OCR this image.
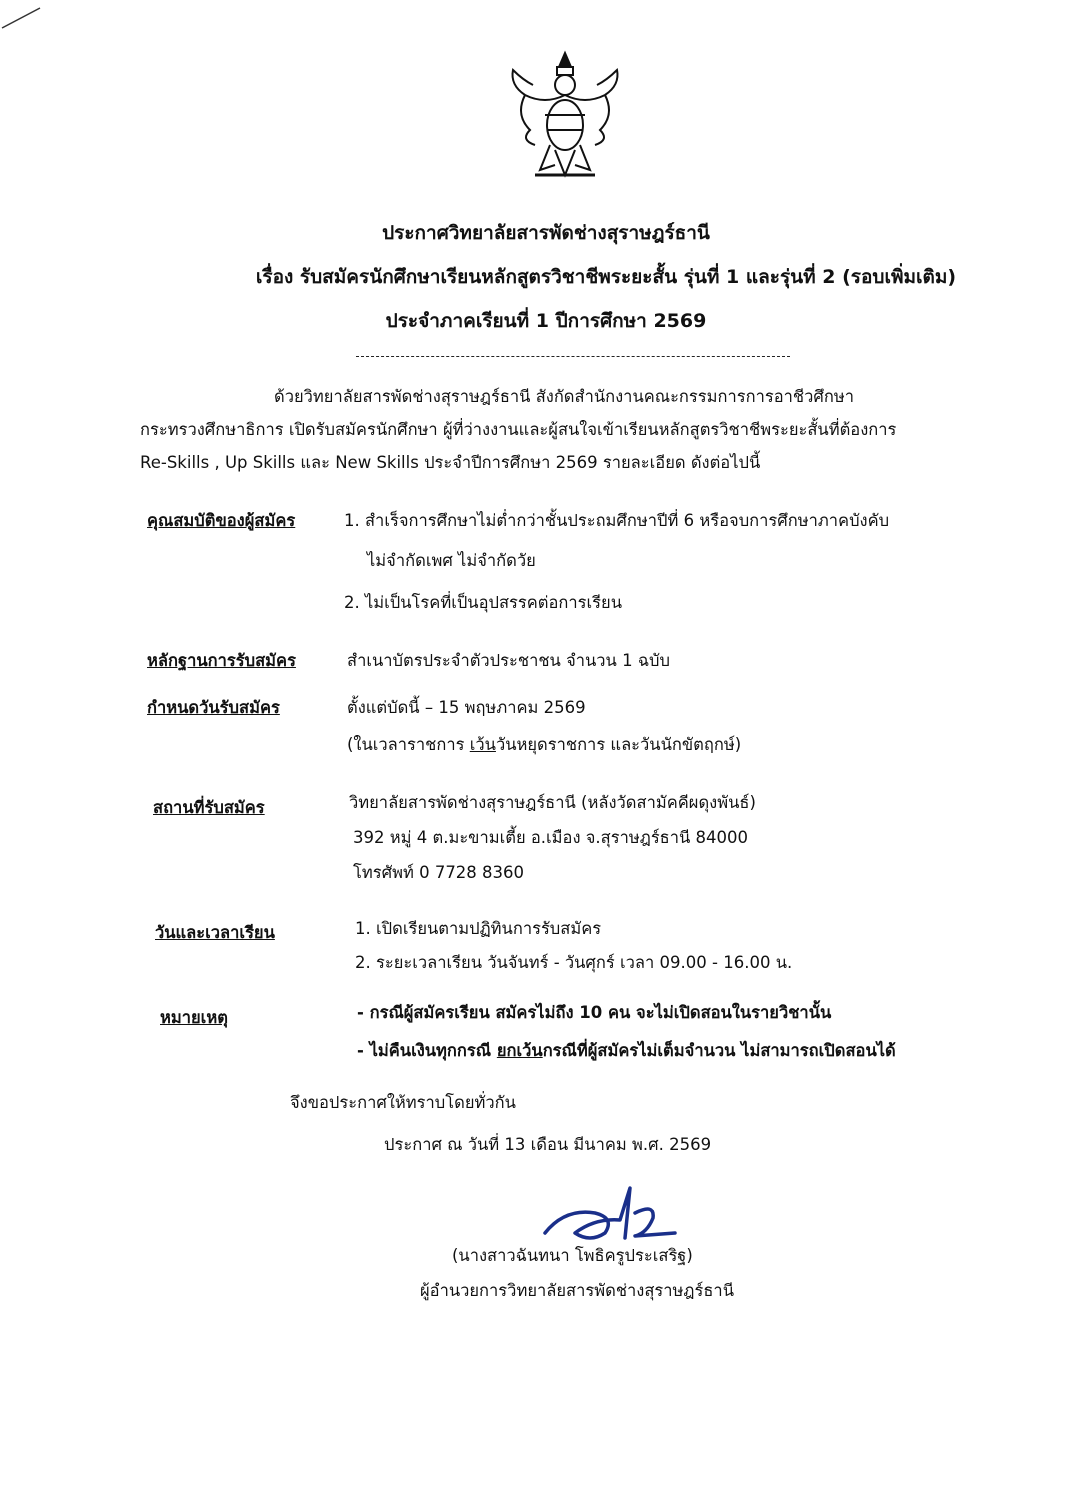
ประกาศวิทยาลัยสารพัดช่างสุราษฎร์ธานี
เรื่อง รับสมัครนักศึกษาเรียนหลักสูตรวิชาชีพระยะสั้น รุ่นที่ 1 และรุ่นที่ 2 (รอบเพิ่มเติม)
ประจำภาคเรียนที่ 1 ปีการศึกษา 2569
ด้วยวิทยาลัยสารพัดช่างสุราษฎร์ธานี สังกัดสำนักงานคณะกรรมการการอาชีวศึกษา
กระทรวงศึกษาธิการ เปิดรับสมัครนักศึกษา ผู้ที่ว่างงานและผู้สนใจเข้าเรียนหลักสูตรวิชาชีพระยะสั้นที่ต้องการ
Re-Skills , Up Skills และ New Skills ประจำปีการศึกษา 2569 รายละเอียด ดังต่อไปนี้
คุณสมบัติของผู้สมัคร	1. สำเร็จการศึกษาไม่ต่ำกว่าชั้นประถมศึกษาปีที่ 6 หรือจบการศึกษาภาคบังคับ
ไม่จำกัดเพศ ไม่จำกัดวัย
2. ไม่เป็นโรคที่เป็นอุปสรรคต่อการเรียน
หลักฐานการรับสมัคร	สำเนาบัตรประจำตัวประชาชน จำนวน 1 ฉบับ
กำหนดวันรับสมัคร	ตั้งแต่บัดนี้ – 15 พฤษภาคม 2569
(ในเวลาราชการ เว้นวันหยุดราชการ และวันนักขัตฤกษ์)
สถานที่รับสมัคร	วิทยาลัยสารพัดช่างสุราษฎร์ธานี (หลังวัดสามัคคีผดุงพันธ์)
392 หมู่ 4 ต.มะขามเตี้ย อ.เมือง จ.สุราษฎร์ธานี 84000
โทรศัพท์ 0 7728 8360
วันและเวลาเรียน	1. เปิดเรียนตามปฏิทินการรับสมัคร
2. ระยะเวลาเรียน วันจันทร์ - วันศุกร์ เวลา 09.00 - 16.00 น.
หมายเหตุ	- กรณีผู้สมัครเรียน สมัครไม่ถึง 10 คน จะไม่เปิดสอนในรายวิชานั้น
- ไม่คืนเงินทุกกรณี ยกเว้นกรณีที่ผู้สมัครไม่เต็มจำนวน ไม่สามารถเปิดสอนได้
จึงขอประกาศให้ทราบโดยทั่วกัน
ประกาศ ณ วันที่ 13 เดือน มีนาคม พ.ศ. 2569
(นางสาวฉันทนา โพธิครูประเสริฐ)
ผู้อำนวยการวิทยาลัยสารพัดช่างสุราษฎร์ธานี
